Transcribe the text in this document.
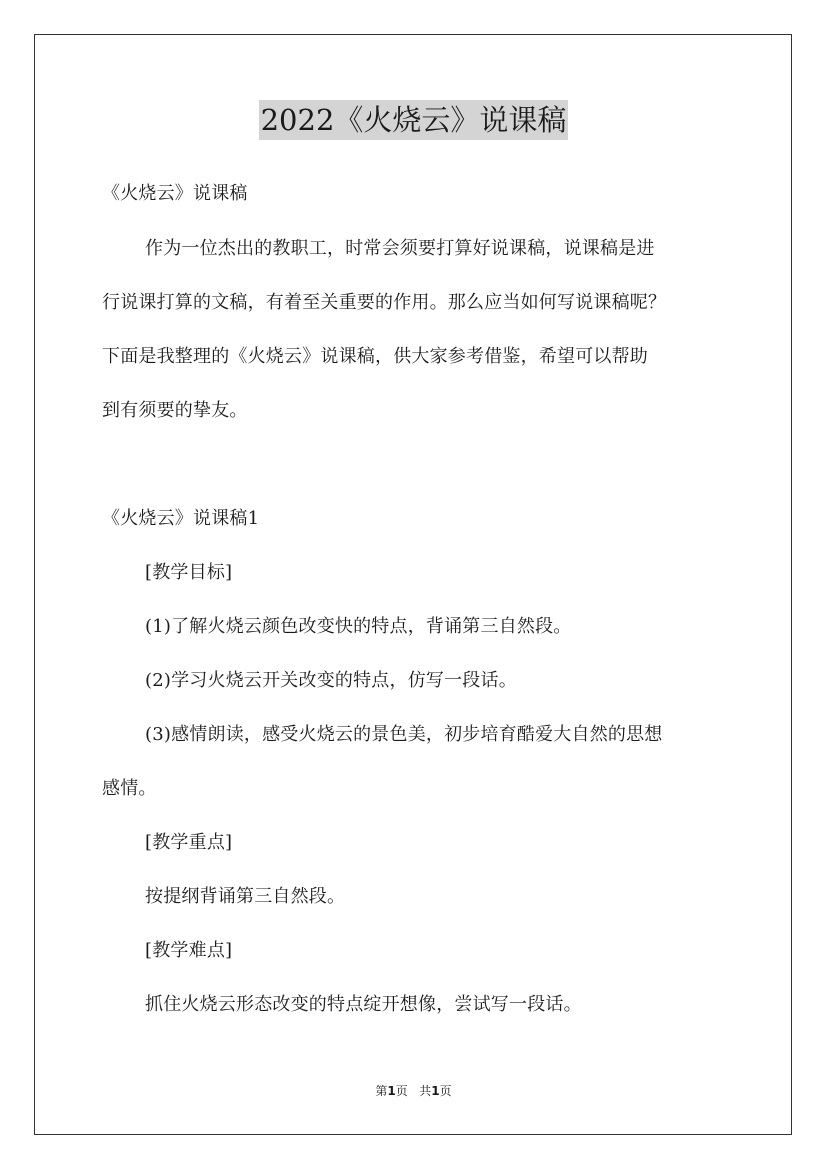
2022《火烧云》说课稿
《火烧云》说课稿
作为一位杰出的教职工，时常会须要打算好说课稿，说课稿是进
行说课打算的文稿，有着至关重要的作用。那么应当如何写说课稿呢？
下面是我整理的《火烧云》说课稿，供大家参考借鉴，希望可以帮助
到有须要的挚友。
《火烧云》说课稿1
[教学目标]
(1)了解火烧云颜色改变快的特点，背诵第三自然段。
(2)学习火烧云开关改变的特点，仿写一段话。
(3)感情朗读，感受火烧云的景色美，初步培育酷爱大自然的思想
感情。
[教学重点]
按提纲背诵第三自然段。
[教学难点]
抓住火烧云形态改变的特点绽开想像，尝试写一段话。
第1页   共1页
